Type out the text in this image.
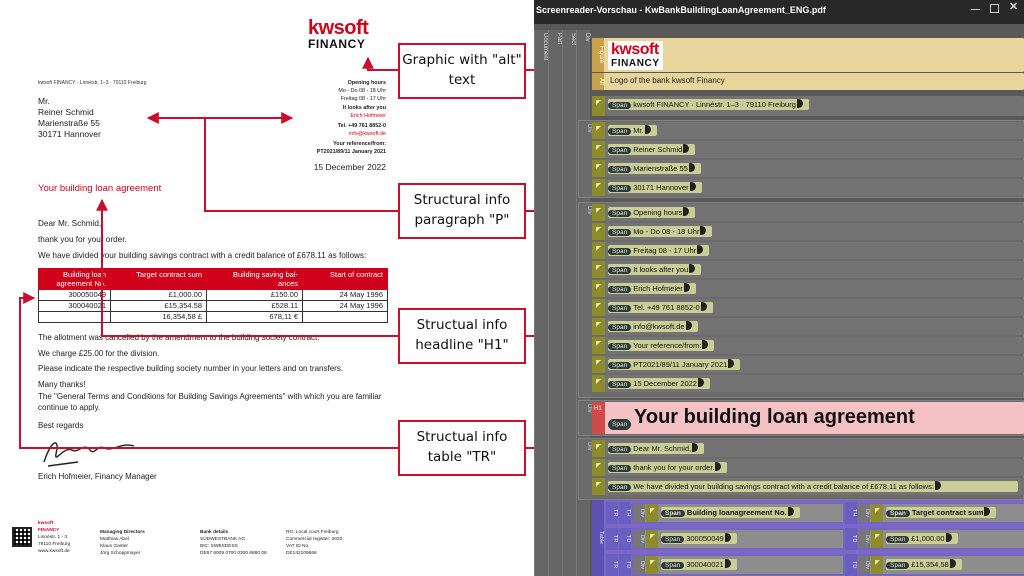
kwsoft
FINANCY
kwsoft FINANCY · Linnéstr. 1–3 · 79110 Freiburg
Mr.
Reiner Schmid
Marienstraße 55
30171 Hannover
Opening hours
Mo - Do 08 - 18 Uhr
Freitag 08 - 17 Uhr
It looks after you
Erich Hofmeier
Tel. +49 761 8852-0
info@kwsoft.de
Your reference/from:
PT2021/89/11 January 2021
15 December 2022
Your building loan agreement
Dear Mr. Schmid,
thank you for your order.
We have divided your building savings contract with a credit balance of £678.11 as follows:
Building loan agreement No.	Target contract sum	Building saving bal- ances	Start of contract
300050049	£1,000.00	£150.00	24 May 1996
300040021	£15,354.58	£528.11	24 May 1996
	16,354,58 £	678,11 €	
The allotment was cancelled by the amendment to the building society contract.
We charge £25.00 for the division.
Please indicate the respective building society number in your letters and on transfers.
Many thanks!
The "General Terms and Conditions for Building Savings Agreements" with which you are familiar continue to apply.
Best regards
Erich Hofmeier, Financy Manager
kwsoft
FINANCY
Linnéstr. 1 - 3
79110 Freiburg
www.kwsoft.de
Managing Directors
Matthias Abel
Klaus Ganter
Jörg Schoppmayer
Bank details
SÜDWESTBANK AG
BIC: SWBSDESS
DE67 6009 0700 0300 6880 08
RG: Local court Freiburg
Commercial register: 2020
VAT ID No.
DE142109666
Graphic with "alt" text
Structural info paragraph "P"
Structual info headline "H1"
Structual info table "TR"
Screenreader-Vorschau - KwBankBuildingLoanAgreement_ENG.pdf	✕
Document	Part	Sect	Div
Figure kwsoft
FINANCY
Alt Logo of the bank kwsoft Financy
Span kwsoft FINANCY · Linnéstr. 1–3 · 79110 Freiburg
Div	Span Mr.
Span Reiner Schmid
Span Marienstraße 55
Span 30171 Hannover
Div	Span Opening hours
Span Mo - Do 08 - 18 Uhr
Span Freitag 08 - 17 Uhr
Span It looks after you
Span Erich Hofmeier
Span Tel. +49 761 8852-0
Span info@kwsoft.de
Span Your reference/from:
Span PT2021/89/11 January 2021
Span 15 December 2022
Div H1
Span Your building loan agreement
Div	Span Dear Mr. Schmid,
Span thank you for your order.
Span We have divided your building savings contract with a credit balance of £678.11 as follows:
Table
TR	TH	Div	Span Building loanagreement No.	TH	Div	Span Target contract sum
TR	TD	Div	Span 300050049	TD	Div	Span £1,000.00
TR	TD	Div	Span 300040021	TD	Div	Span £15,354,58
